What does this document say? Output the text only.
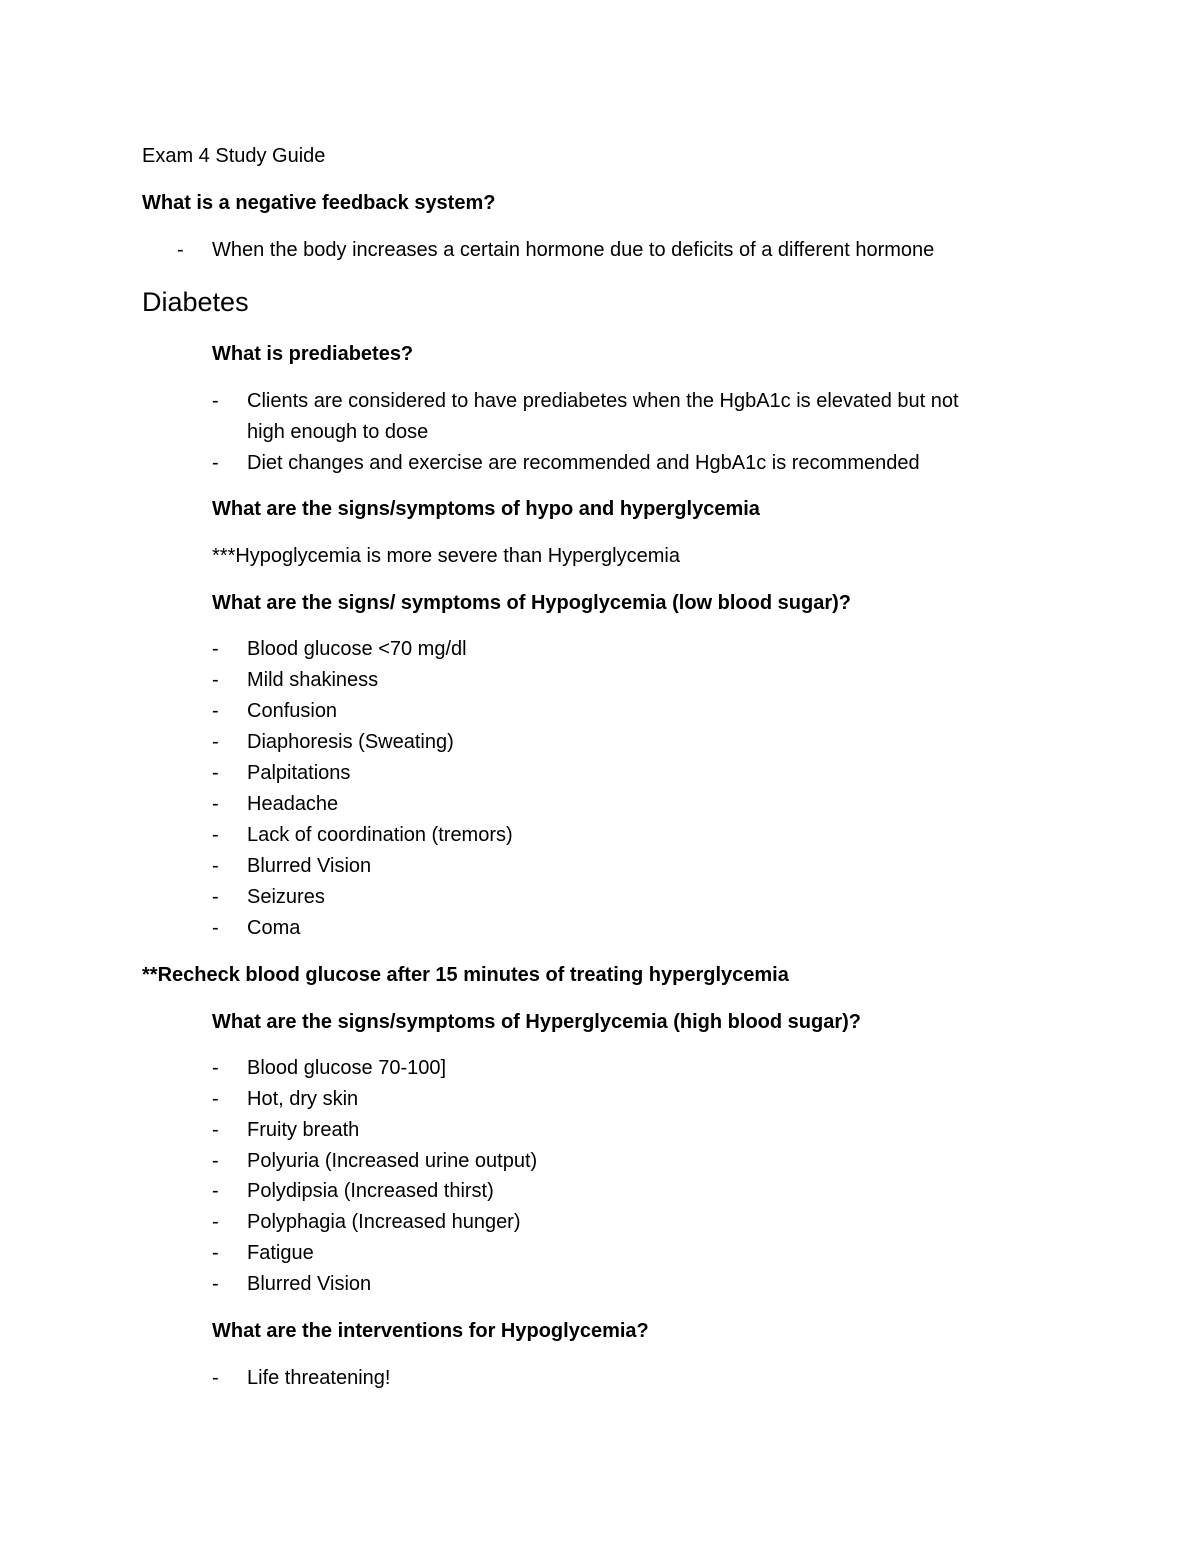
Exam 4 Study Guide
What is a negative feedback system?
- When the body increases a certain hormone due to deficits of a different hormone
Diabetes
What is prediabetes?
- Clients are considered to have prediabetes when the HgbA1c is elevated but not
high enough to dose
- Diet changes and exercise are recommended and HgbA1c is recommended
What are the signs/symptoms of hypo and hyperglycemia
***Hypoglycemia is more severe than Hyperglycemia
What are the signs/ symptoms of Hypoglycemia (low blood sugar)?
- Blood glucose <70 mg/dl
- Mild shakiness
- Confusion
- Diaphoresis (Sweating)
- Palpitations
- Headache
- Lack of coordination (tremors)
- Blurred Vision
- Seizures
- Coma
**Recheck blood glucose after 15 minutes of treating hyperglycemia
What are the signs/symptoms of Hyperglycemia (high blood sugar)?
- Blood glucose 70-100]
- Hot, dry skin
- Fruity breath
- Polyuria (Increased urine output)
- Polydipsia (Increased thirst)
- Polyphagia (Increased hunger)
- Fatigue
- Blurred Vision
What are the interventions for Hypoglycemia?
- Life threatening!
